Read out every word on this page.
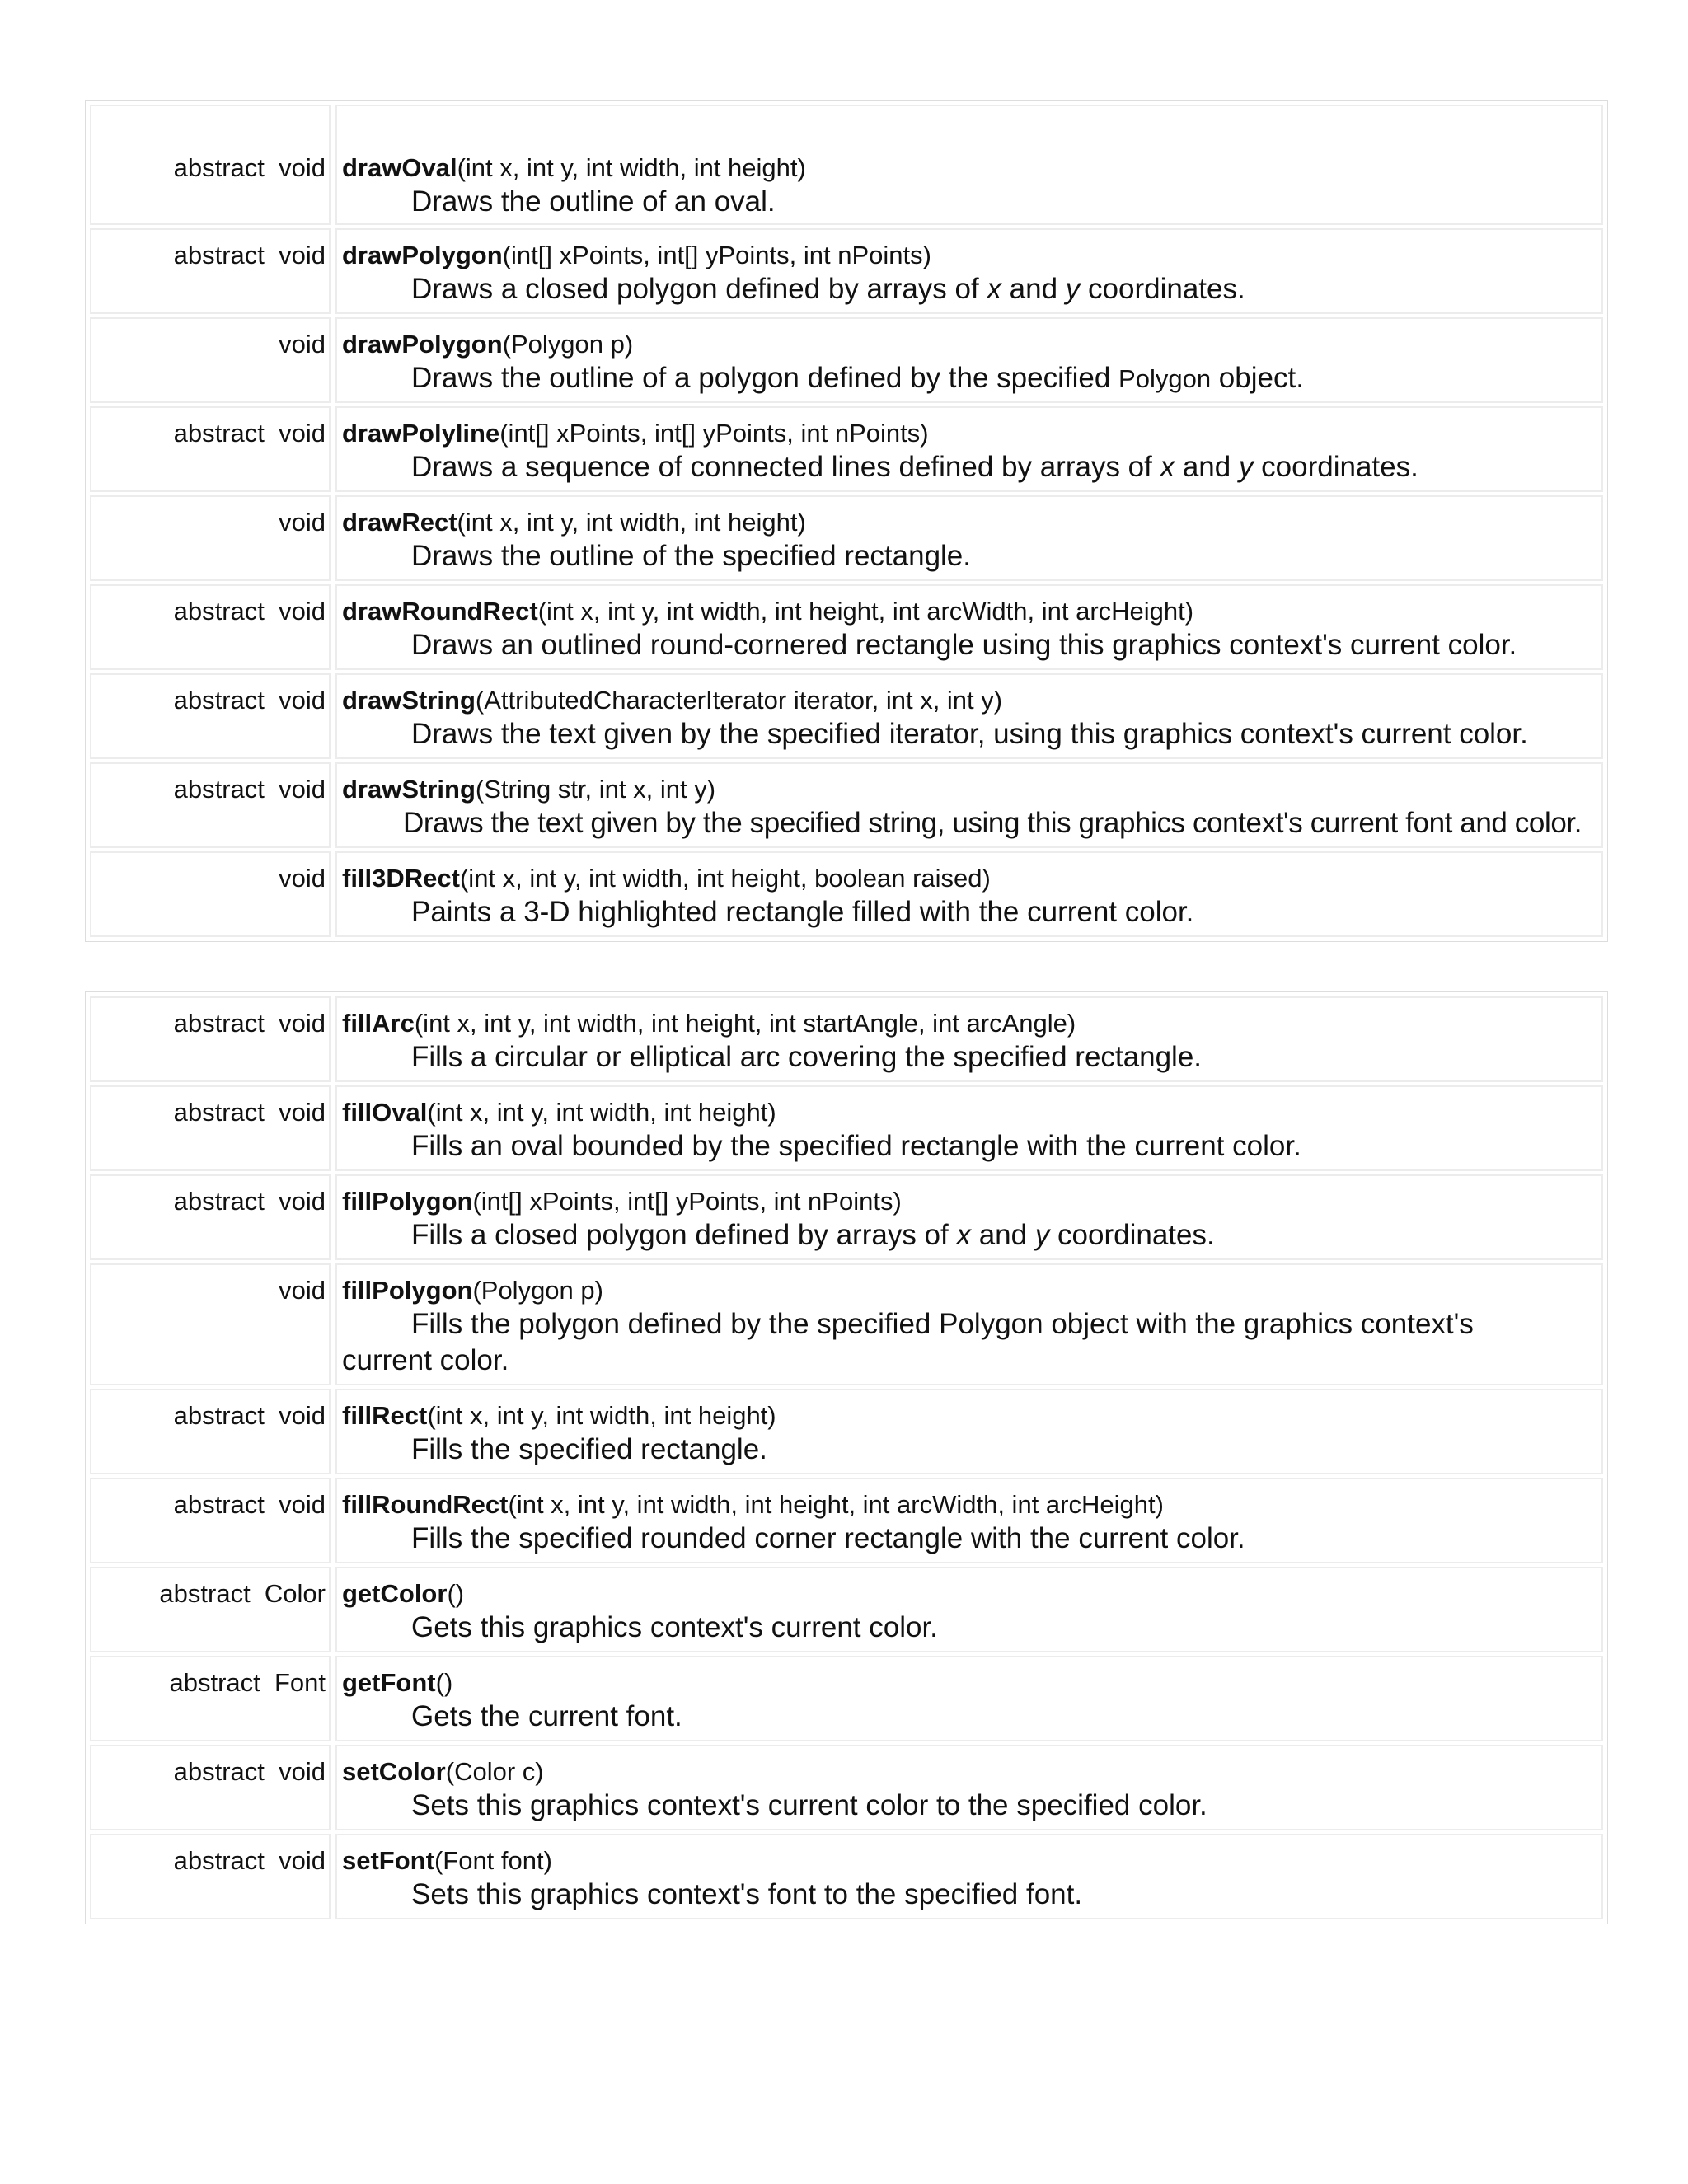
abstract  void drawOval(int x, int y, int width, int height)
Draws the outline of an oval.
abstract  void drawPolygon(int[] xPoints, int[] yPoints, int nPoints)
Draws a closed polygon defined by arrays of x and y coordinates.
void drawPolygon(Polygon p)
Draws the outline of a polygon defined by the specified Polygon object.
abstract  void drawPolyline(int[] xPoints, int[] yPoints, int nPoints)
Draws a sequence of connected lines defined by arrays of x and y coordinates.
void drawRect(int x, int y, int width, int height)
Draws the outline of the specified rectangle.
abstract  void drawRoundRect(int x, int y, int width, int height, int arcWidth, int arcHeight)
Draws an outlined round-cornered rectangle using this graphics context's current color.
abstract  void drawString(AttributedCharacterIterator iterator, int x, int y)
Draws the text given by the specified iterator, using this graphics context's current color.
abstract  void drawString(String str, int x, int y)
Draws the text given by the specified string, using this graphics context's current font and color.
void fill3DRect(int x, int y, int width, int height, boolean raised)
Paints a 3-D highlighted rectangle filled with the current color.
abstract  void fillArc(int x, int y, int width, int height, int startAngle, int arcAngle)
Fills a circular or elliptical arc covering the specified rectangle.
abstract  void fillOval(int x, int y, int width, int height)
Fills an oval bounded by the specified rectangle with the current color.
abstract  void fillPolygon(int[] xPoints, int[] yPoints, int nPoints)
Fills a closed polygon defined by arrays of x and y coordinates.
void fillPolygon(Polygon p)
Fills the polygon defined by the specified Polygon object with the graphics context's current color.
abstract  void fillRect(int x, int y, int width, int height)
Fills the specified rectangle.
abstract  void fillRoundRect(int x, int y, int width, int height, int arcWidth, int arcHeight)
Fills the specified rounded corner rectangle with the current color.
abstract  Color getColor()
Gets this graphics context's current color.
abstract  Font getFont()
Gets the current font.
abstract  void setColor(Color c)
Sets this graphics context's current color to the specified color.
abstract  void setFont(Font font)
Sets this graphics context's font to the specified font.
